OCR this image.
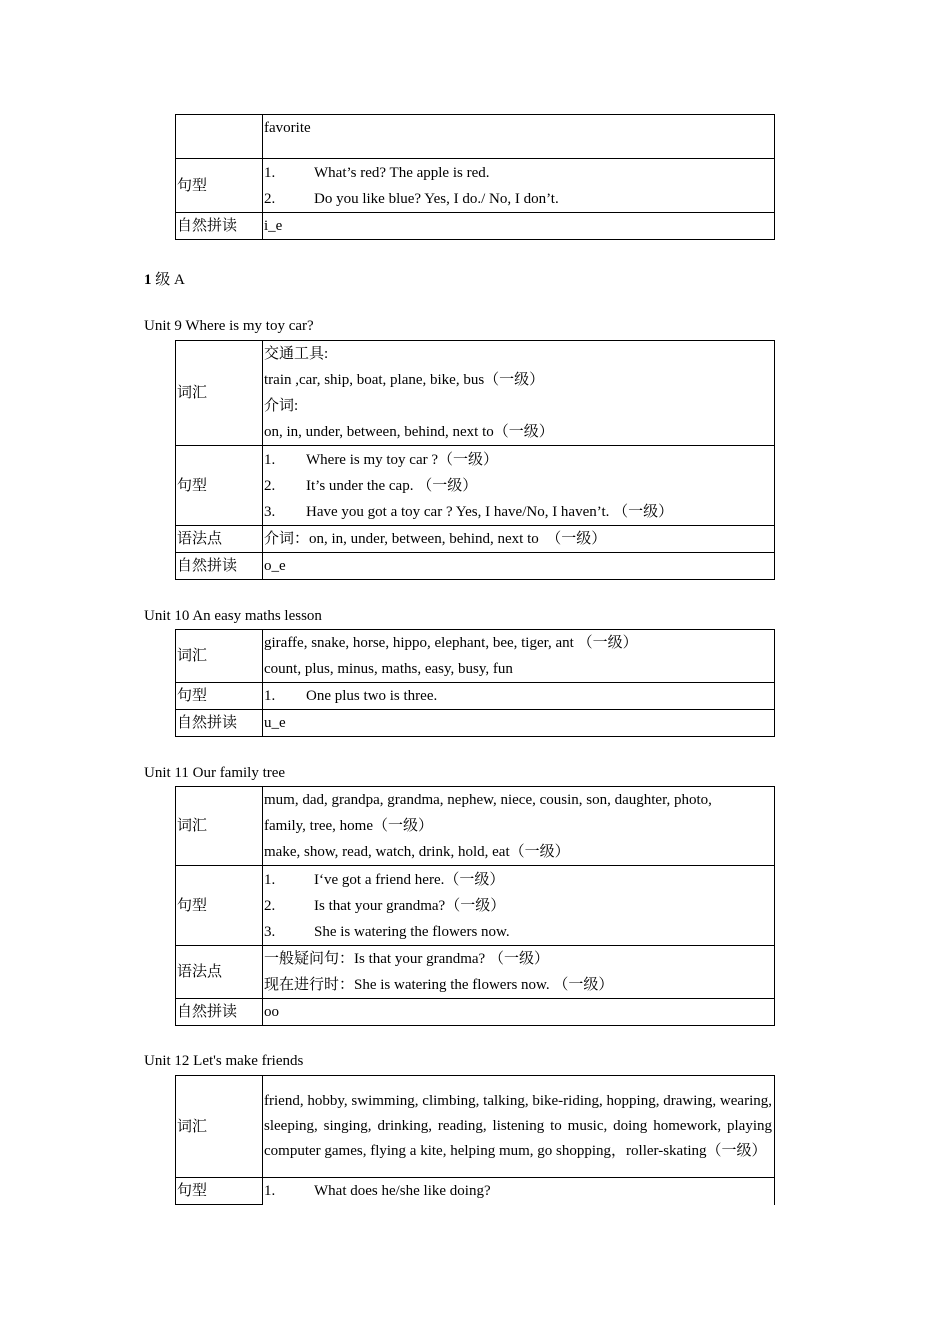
	favorite

句型	1. What’s red? The apple is red.
2. Do you like blue? Yes, I do./ No, I don’t.

自然拼读	i_e
1 级 A
Unit 9 Where is my toy car?
词汇	交通工具:
train ,car, ship, boat, plane, bike, bus（一级）
介词:
on, in, under, between, behind, next to（一级）

句型	1. Where is my toy car ?（一级）
2. It’s under the cap. （一级）
3. Have you got a toy car ? Yes, I have/No, I haven’t. （一级）

语法点	介词：on, in, under, between, behind, next to　（一级）

自然拼读	o_e
Unit 10 An easy maths lesson
词汇	giraffe, snake, horse, hippo, elephant, bee, tiger, ant （一级）
count, plus, minus, maths, easy, busy, fun

句型	1. One plus two is three.

自然拼读	u_e
Unit 11 Our family tree
词汇	mum, dad, grandpa, grandma, nephew, niece, cousin, son, daughter, photo,
family, tree, home（一级）
make, show, read, watch, drink, hold, eat（一级）

句型	1. I‘ve got a friend here.（一级）
2. Is that your grandma?（一级）
3. She is watering the flowers now.

语法点	一般疑问句：Is that your grandma? （一级）
现在进行时：She is watering the flowers now. （一级）

自然拼读	oo
Unit 12 Let's make friends
词汇	friend, hobby, swimming, climbing, talking, bike-riding, hopping, drawing, wearing, sleeping, singing, drinking, reading, listening to music, doing homework, playing computer games, flying a kite, helping mum, go shopping，roller-skating（一级）

句型	1. What does he/she like doing?
